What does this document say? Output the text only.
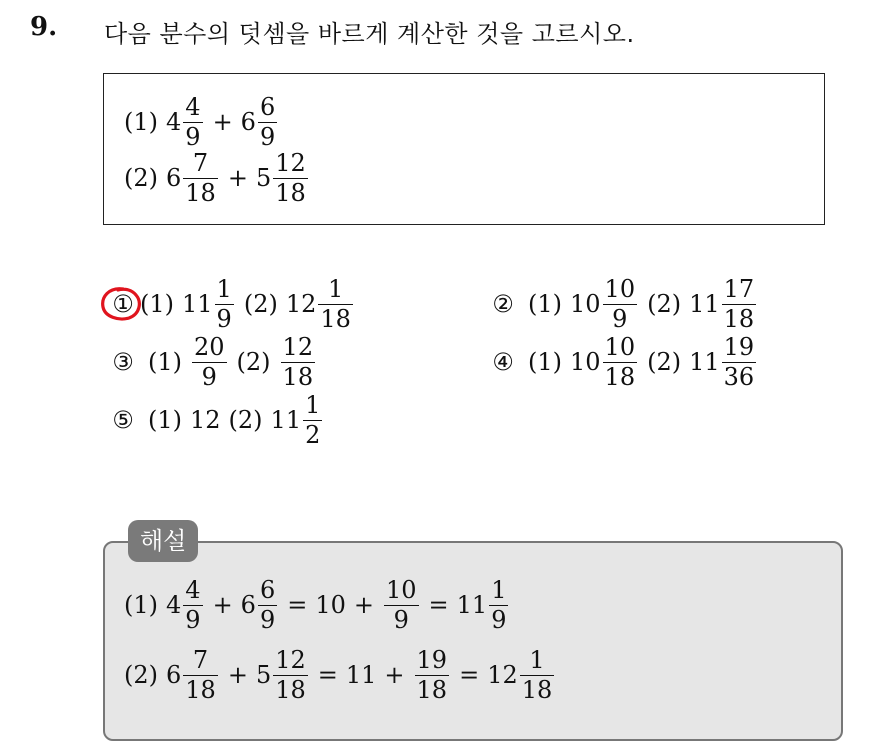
9. 다음 분수의 덧셈을 바르게 계산한 것을 고르시오.
(1) $4 \frac{4}{9} + 6 \frac{6}{9}$
(2) $6 \frac{7}{18} + 5 \frac{12}{18}$
① (1) $11 \frac{1}{9} (2)$ $12 \frac{1}{18}$	② (1) $10 \frac{10}{9} (2)$ $11 \frac{17}{18}$
③ $(1) \frac{20}{9} (2) \frac{12}{18}$	④ (1) $10 \frac{10}{18} (2)$ $11 \frac{19}{36}$
⑤ (1) 12 (2) $11 \frac{1}{2}$
해설
(1) $4 \frac{4}{9} + 6 \frac{6}{9} = 10 + \frac{10}{9} = 11 \frac{1}{9}$
(2) $6 \frac{7}{18} + 5 \frac{12}{18} = 11 + \frac{19}{18} = 12 \frac{1}{18}$
